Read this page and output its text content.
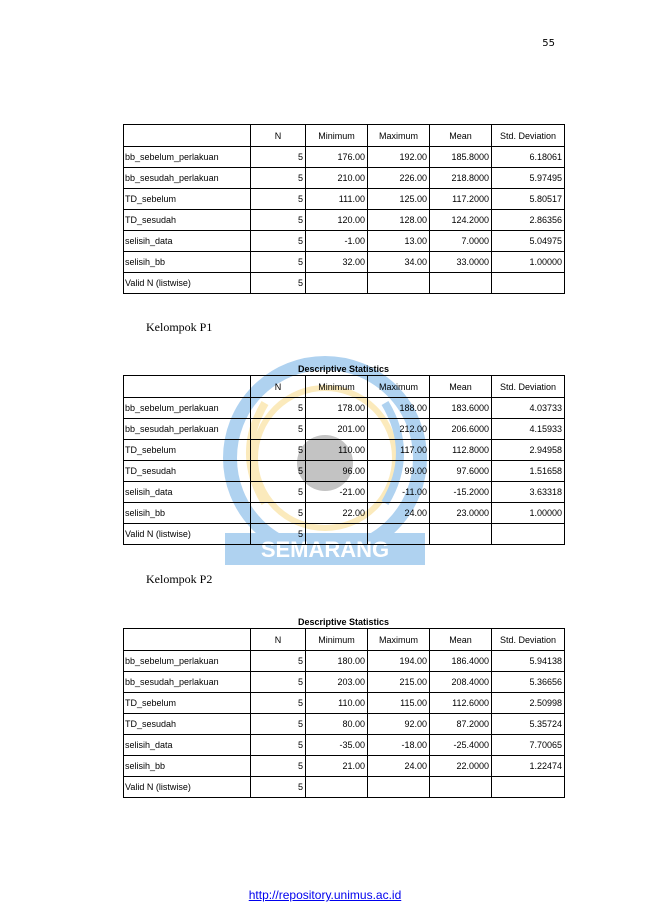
55
	N	Minimum	Maximum	Mean	Std. Deviation
bb_sebelum_perlakuan	5	176.00	192.00	185.8000	6.18061
bb_sesudah_perlakuan	5	210.00	226.00	218.8000	5.97495
TD_sebelum	5	111.00	125.00	117.2000	5.80517
TD_sesudah	5	120.00	128.00	124.2000	2.86356
selisih_data	5	-1.00	13.00	7.0000	5.04975
selisih_bb	5	32.00	34.00	33.0000	1.00000
Valid N (listwise)	5				
Kelompok P1
SEMARANG
Descriptive Statistics
	N	Minimum	Maximum	Mean	Std. Deviation
bb_sebelum_perlakuan	5	178.00	188.00	183.6000	4.03733
bb_sesudah_perlakuan	5	201.00	212.00	206.6000	4.15933
TD_sebelum	5	110.00	117.00	112.8000	2.94958
TD_sesudah	5	96.00	99.00	97.6000	1.51658
selisih_data	5	-21.00	-11.00	-15.2000	3.63318
selisih_bb	5	22.00	24.00	23.0000	1.00000
Valid N (listwise)	5				
Kelompok P2
Descriptive Statistics
	N	Minimum	Maximum	Mean	Std. Deviation
bb_sebelum_perlakuan	5	180.00	194.00	186.4000	5.94138
bb_sesudah_perlakuan	5	203.00	215.00	208.4000	5.36656
TD_sebelum	5	110.00	115.00	112.6000	2.50998
TD_sesudah	5	80.00	92.00	87.2000	5.35724
selisih_data	5	-35.00	-18.00	-25.4000	7.70065
selisih_bb	5	21.00	24.00	22.0000	1.22474
Valid N (listwise)	5				
http://repository.unimus.ac.id
